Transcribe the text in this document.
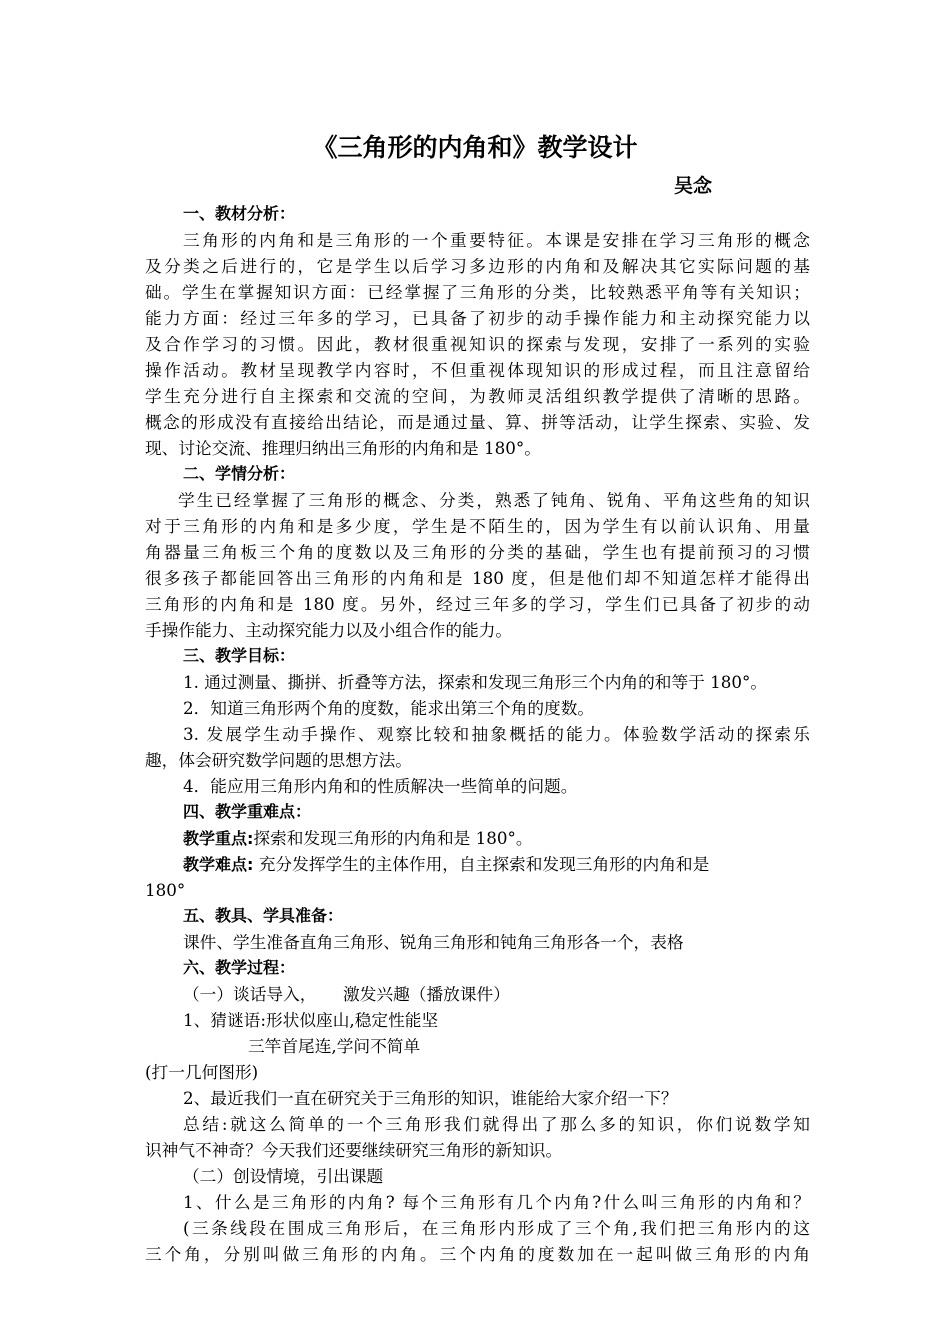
《三角形的内角和》教学设计
吴念
一、教材分析：
三角形的内角和是三角形的一个重要特征。本课是安排在学习三角形的概念
及分类之后进行的，它是学生以后学习多边形的内角和及解决其它实际问题的基
础。学生在掌握知识方面：已经掌握了三角形的分类，比较熟悉平角等有关知识；
能力方面：经过三年多的学习，已具备了初步的动手操作能力和主动探究能力以
及合作学习的习惯。因此，教材很重视知识的探索与发现，安排了一系列的实验
操作活动。教材呈现教学内容时，不但重视体现知识的形成过程，而且注意留给
学生充分进行自主探索和交流的空间，为教师灵活组织教学提供了清晰的思路。
概念的形成没有直接给出结论，而是通过量、算、拼等活动，让学生探索、实验、发
现、讨论交流、推理归纳出三角形的内角和是 180°。
二、学情分析：
学生已经掌握了三角形的概念、分类，熟悉了钝角、锐角、平角这些角的知识
对于三角形的内角和是多少度，学生是不陌生的，因为学生有以前认识角、用量
角器量三角板三个角的度数以及三角形的分类的基础，学生也有提前预习的习惯
很多孩子都能回答出三角形的内角和是 180 度，但是他们却不知道怎样才能得出
三角形的内角和是 180 度。另外，经过三年多的学习，学生们已具备了初步的动
手操作能力、主动探究能力以及小组合作的能力。
三、教学目标：
1. 通过测量、撕拼、折叠等方法，探索和发现三角形三个内角的和等于 180°。
2．知道三角形两个角的度数，能求出第三个角的度数。
3. 发展学生动手操作、观察比较和抽象概括的能力。体验数学活动的探索乐
趣，体会研究数学问题的思想方法。
4．能应用三角形内角和的性质解决一些简单的问题。
四、教学重难点：
教学重点:探索和发现三角形的内角和是 180°。
教学难点: 充分发挥学生的主体作用，自主探索和发现三角形的内角和是
180°
五、教具、学具准备：
课件、学生准备直角三角形、锐角三角形和钝角三角形各一个，表格
六、教学过程：
（一）谈话导入，     激发兴趣（播放课件）
1、猜谜语:形状似座山,稳定性能坚
三竿首尾连,学问不简单
(打一几何图形)
2、最近我们一直在研究关于三角形的知识，谁能给大家介绍一下？
总结:就这么简单的一个三角形我们就得出了那么多的知识，你们说数学知
识神气不神奇？今天我们还要继续研究三角形的新知识。
（二）创设情境，引出课题
1、什么是三角形的内角? 每个三角形有几个内角?什么叫三角形的内角和？
(三条线段在围成三角形后，在三角形内形成了三个角,我们把三角形内的这
三个角，分别叫做三角形的内角。三个内角的度数加在一起叫做三角形的内角
